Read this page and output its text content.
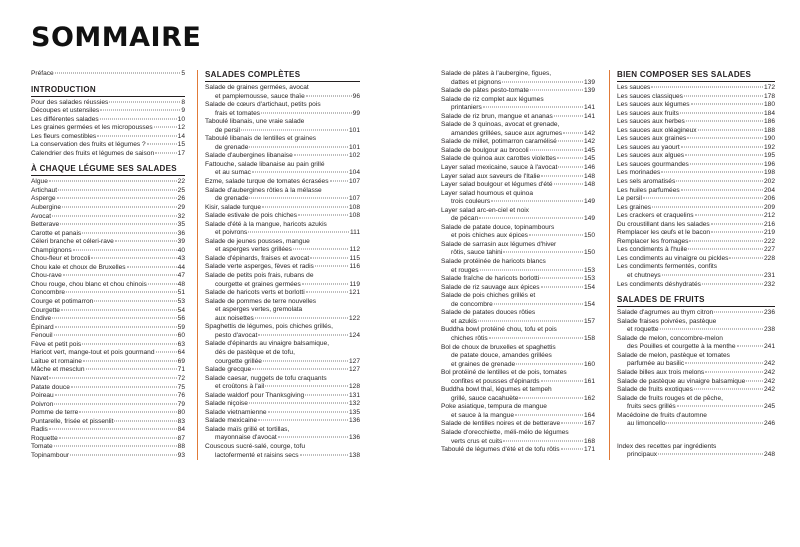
SOMMAIRE
Préface	5
INTRODUCTION
Pour des salades réussies	8
Découpes et ustensiles	9
Les différentes salades	10
Les graines germées et les micropousses	12
Les fleurs comestibles	14
La conservation des fruits et légumes ?	15
Calendrier des fruits et légumes de saison	17
À CHAQUE LÉGUME SES SALADES
Algue	22
Artichaut	25
Asperge	26
Aubergine	29
Avocat	32
Betterave	35
Carotte et panais	36
Céleri branche et céleri-rave	39
Champignons	40
Chou-fleur et brocoli	43
Chou kale et choux de Bruxelles	44
Chou-rave	47
Chou rouge, chou blanc et chou chinois	48
Concombre	51
Courge et potimarron	53
Courgette	54
Endive	56
Épinard	59
Fenouil	60
Fève et petit pois	63
Haricot vert, mange-tout et pois gourmand	64
Laitue et romaine	69
Mâche et mesclun	71
Navet	72
Patate douce	75
Poireau	76
Poivron	79
Pomme de terre	80
Puntarelle, frisée et pissenlit	83
Radis	84
Roquette	87
Tomate	88
Topinambour	93
SALADES COMPLÈTES
Salade de graines germées, avocat
et pamplemousse, sauce thaïe	96
Salade de cœurs d'artichaut, petits pois
frais et tomates	99
Taboulé libanais, une vraie salade
de persil	101
Taboulé libanais de lentilles et graines
de grenade	101
Salade d'aubergines libanaise	102
Fattouche, salade libanaise au pain grillé
et au sumac	104
Ezme, salade turque de tomates écrasées	107
Salade d'aubergines rôties à la mélasse
de grenade	107
Kisir, salade turque	108
Salade estivale de pois chiches	108
Salade d'été à la mangue, haricots azukis
et poivrons	111
Salade de jeunes pousses, mangue
et asperges vertes grillées	112
Salade d'épinards, fraises et avocat	115
Salade verte asperges, fèves et radis	116
Salade de petits pois frais, rubans de
courgette et graines germées	119
Salade de haricots verts et borlotti	121
Salade de pommes de terre nouvelles
et asperges vertes, gremolata
aux noisettes	122
Spaghettis de légumes, pois chiches grillés,
pesto d'avocat	124
Salade d'épinards au vinaigre balsamique,
dés de pastèque et de tofu,
courgette grillée	127
Salade grecque	127
Salade caesar, nuggets de tofu craquants
et croûtons à l'ail	128
Salade waldorf pour Thanksgiving	131
Salade niçoise	132
Salade vietnamienne	135
Salade mexicaine	136
Salade maïs grillé et tortillas,
mayonnaise d'avocat	136
Couscous sucré-salé, courge, tofu
lactofermenté et raisins secs	138
Salade de pâtes à l'aubergine, figues,
dattes et pignons	139
Salade de pâtes pesto-tomate	139
Salade de riz complet aux légumes
printaniers	141
Salade de riz brun, mangue et ananas	141
Salade de 3 quinoas, avocat et grenade,
amandes grillées, sauce aux agrumes	142
Salade de millet, potimarron caramélisé	142
Salade de boulgour au brocoli	145
Salade de quinoa aux carottes violettes	145
Layer salad mexicaine, sauce à l'avocat	146
Layer salad aux saveurs de l'Italie	148
Layer salad boulgour et légumes d'été	148
Layer salad houmous et quinoa
trois couleurs	149
Layer salad arc-en-ciel et noix
de pécan	149
Salade de patate douce, topinambours
et pois chiches aux épices	150
Salade de sarrasin aux légumes d'hiver
rôtis, sauce tahini	150
Salade protéinée de haricots blancs
et rouges	153
Salade fraîche de haricots borlotti	153
Salade de riz sauvage aux épices	154
Salade de pois chiches grillés et
de concombre	154
Salade de patates douces rôties
et azukis	157
Buddha bowl protéiné chou, tofu et pois
chiches rôtis	158
Bol de choux de bruxelles et spaghettis
de patate douce, amandes grillées
et graines de grenade	160
Bol protéiné de lentilles et de pois, tomates
confites et pousses d'épinards	161
Buddha bowl thaï, légumes et tempeh
grillé, sauce cacahuète	162
Poke asiatique, tempura de mangue
et sauce à la mangue	164
Salade de lentilles noires et de betterave	167
Salade d'orecchiette, méli-mélo de légumes
verts crus et cuits	168
Taboulé de légumes d'été et de tofu rôtis	171
BIEN COMPOSER SES SALADES
Les sauces	172
Les sauces classiques	178
Les sauces aux légumes	180
Les sauces aux fruits	184
Les sauces aux herbes	186
Les sauces aux oléagineux	188
Les sauces aux graines	190
Les sauces au yaourt	192
Les sauces aux algues	195
Les sauces gourmandes	196
Les morinades	198
Les sels aromatisés	202
Les huiles parfumées	204
Le persil	206
Les graines	209
Les crackers et craquelins	212
Du croustillant dans les salades	216
Remplacer les œufs et le bacon	219
Remplacer les fromages	222
Les condiments à l'huile	227
Les condiments au vinaigre ou pickles	228
Les condiments fermentés, confits
et chutneys	231
Les condiments déshydratés	232
SALADES DE FRUITS
Salade d'agrumes au thym citron	236
Salade fraises poivrées, pastèque
et roquette	238
Salade de melon, concombre-melon
des Pouilles et courgette à la menthe	241
Salade de melon, pastèque et tomates
parfumée au basilic	242
Salade billes aux trois melons	242
Salade de pastèque au vinaigre balsamique	242
Salade de fruits exotiques	242
Salade de fruits rouges et de pêche,
fruits secs grillés	245
Macédoine de fruits d'automne
au limoncello	246
Index des recettes par ingrédients
principaux	248
